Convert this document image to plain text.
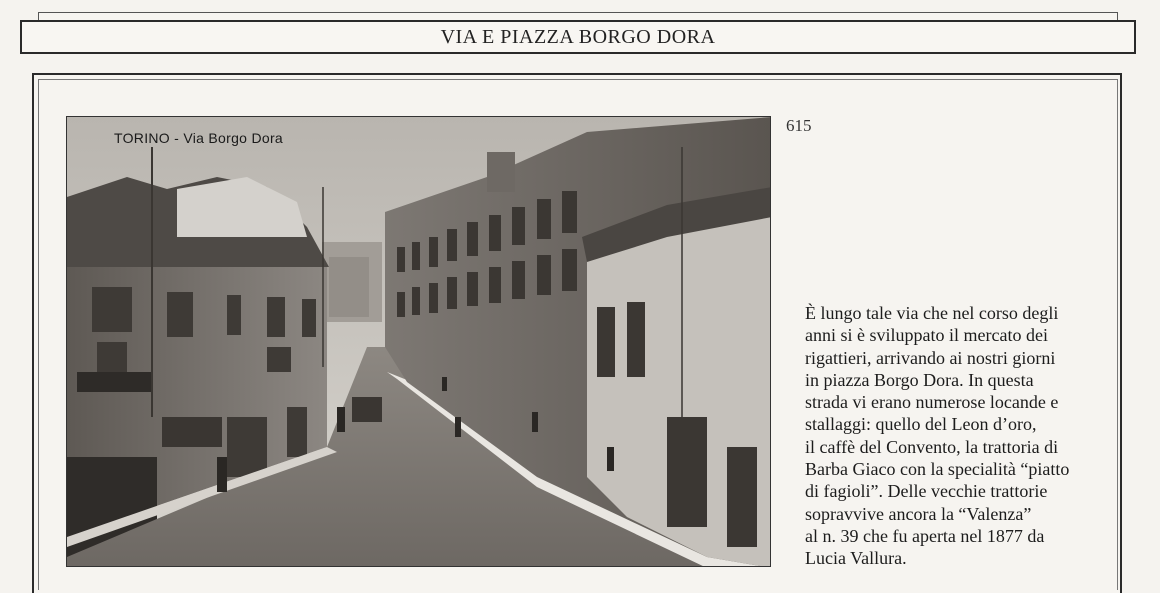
VIA E PIAZZA BORGO DORA
TORINO - Via Borgo Dora
615
È lungo tale via che nel corso degli
anni si è sviluppato il mercato dei
rigattieri, arrivando ai nostri giorni
in piazza Borgo Dora. In questa
strada vi erano numerose locande e
stallaggi: quello del Leon d’oro,
il caffè del Convento, la trattoria di
Barba Giaco con la specialità “piatto
di fagioli”. Delle vecchie trattorie
sopravvive ancora la “Valenza”
al n. 39 che fu aperta nel 1877 da
Lucia Vallura.
